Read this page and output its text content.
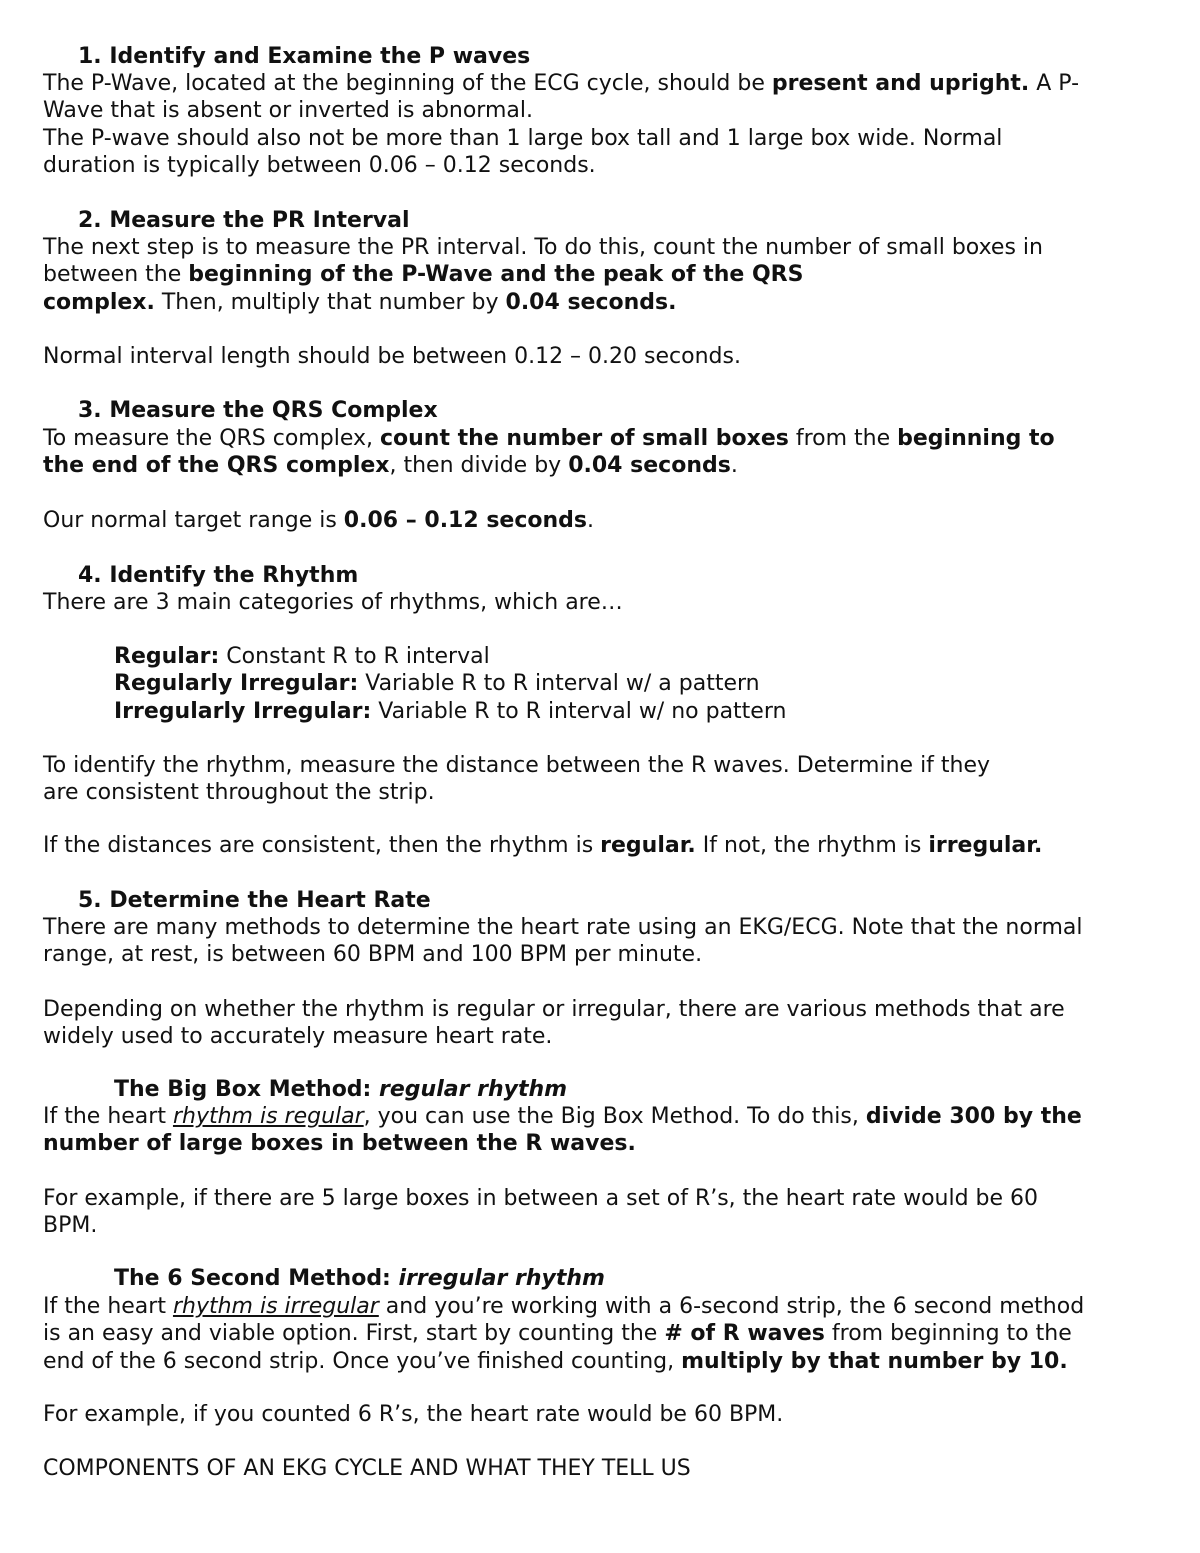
1. Identify and Examine the P waves
The P-Wave, located at the beginning of the ECG cycle, should be present and upright. A P-
Wave that is absent or inverted is abnormal.
The P-wave should also not be more than 1 large box tall and 1 large box wide. Normal
duration is typically between 0.06 – 0.12 seconds.
2. Measure the PR Interval
The next step is to measure the PR interval. To do this, count the number of small boxes in
between the beginning of the P-Wave and the peak of the QRS
complex. Then, multiply that number by 0.04 seconds.
Normal interval length should be between 0.12 – 0.20 seconds.
3. Measure the QRS Complex
To measure the QRS complex, count the number of small boxes from the beginning to
the end of the QRS complex, then divide by 0.04 seconds.
Our normal target range is 0.06 – 0.12 seconds.
4. Identify the Rhythm
There are 3 main categories of rhythms, which are…
Regular: Constant R to R interval
Regularly Irregular: Variable R to R interval w/ a pattern
Irregularly Irregular: Variable R to R interval w/ no pattern
To identify the rhythm, measure the distance between the R waves. Determine if they
are consistent throughout the strip.
If the distances are consistent, then the rhythm is regular. If not, the rhythm is irregular.
5. Determine the Heart Rate
There are many methods to determine the heart rate using an EKG/ECG. Note that the normal
range, at rest, is between 60 BPM and 100 BPM per minute.
Depending on whether the rhythm is regular or irregular, there are various methods that are
widely used to accurately measure heart rate.
The Big Box Method: regular rhythm
If the heart rhythm is regular, you can use the Big Box Method. To do this, divide 300 by the
number of large boxes in between the R waves.
For example, if there are 5 large boxes in between a set of R’s, the heart rate would be 60
BPM.
The 6 Second Method: irregular rhythm
If the heart rhythm is irregular and you’re working with a 6-second strip, the 6 second method
is an easy and viable option. First, start by counting the # of R waves from beginning to the
end of the 6 second strip. Once you’ve finished counting, multiply by that number by 10.
For example, if you counted 6 R’s, the heart rate would be 60 BPM.
COMPONENTS OF AN EKG CYCLE AND WHAT THEY TELL US
